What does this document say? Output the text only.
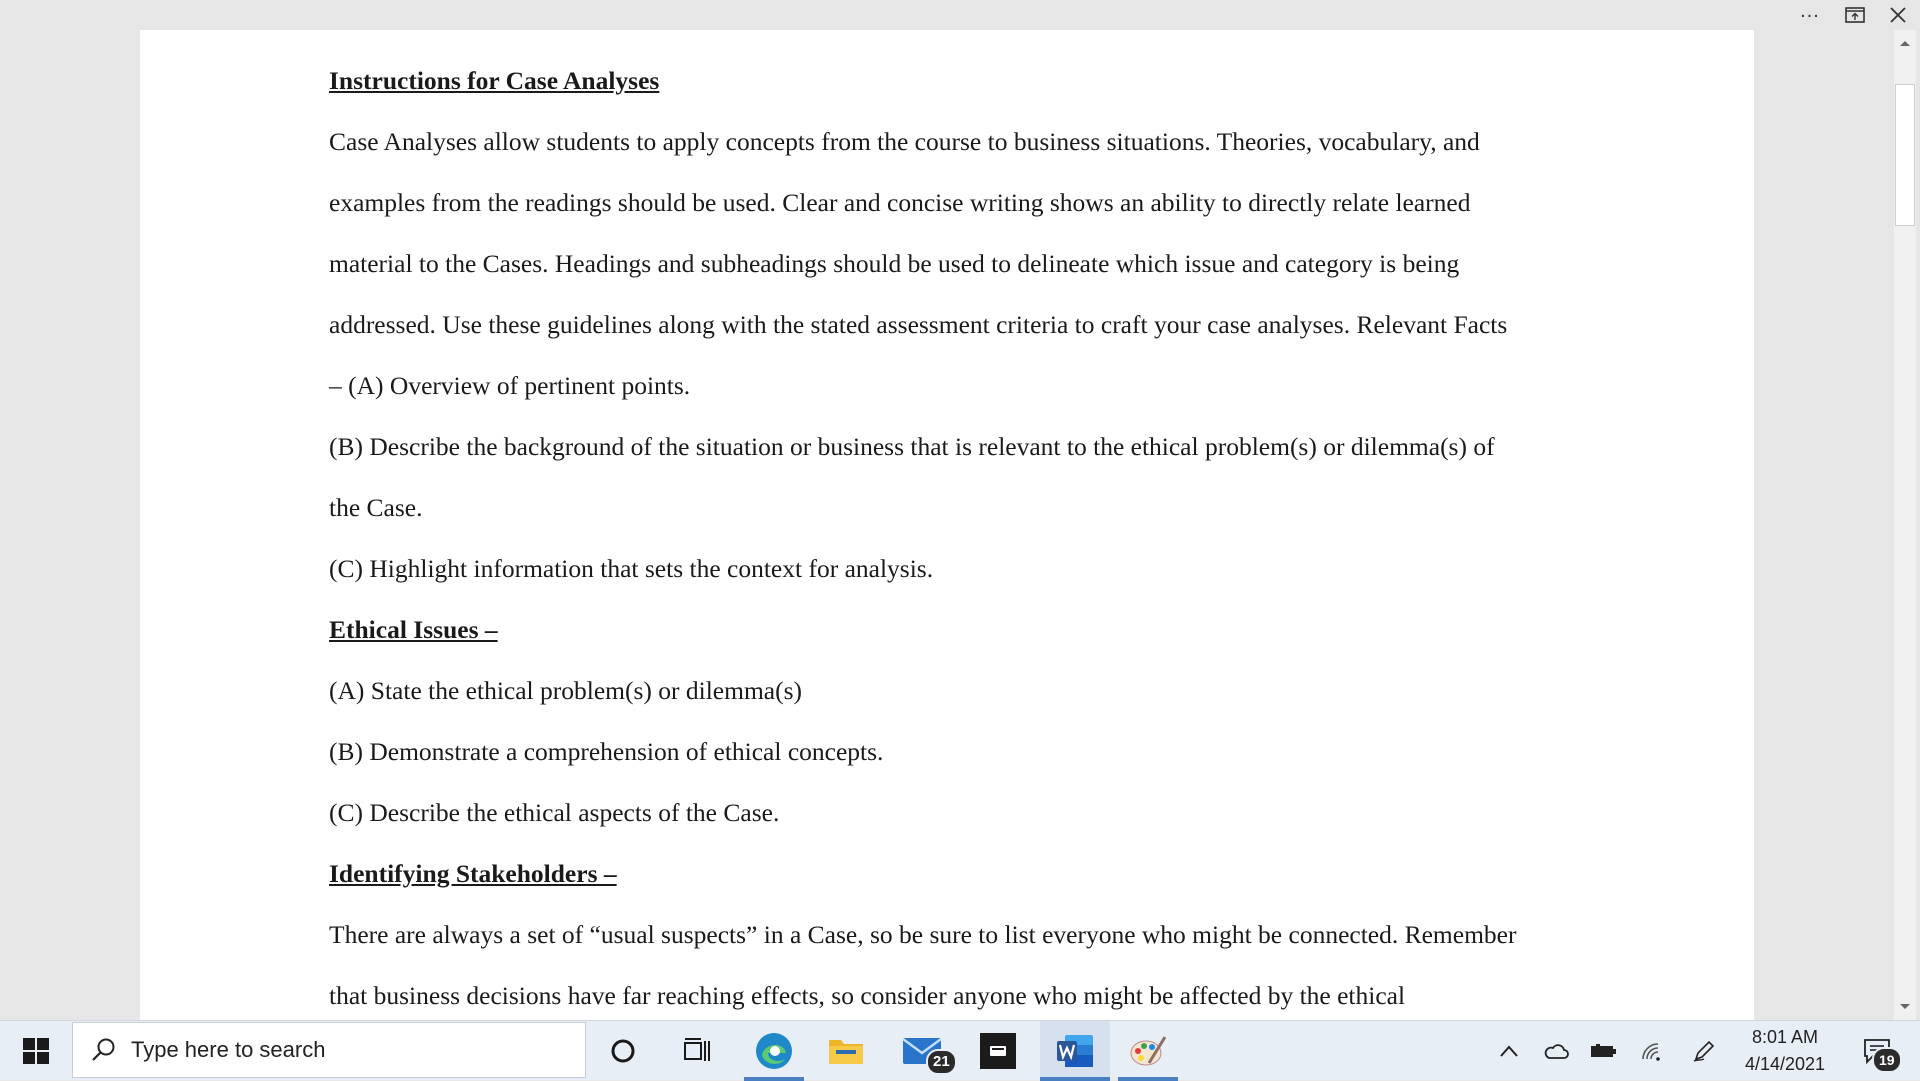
...

Instructions for Case Analyses

Case Analyses allow students to apply concepts from the course to business situations. Theories, vocabulary, and

examples from the readings should be used. Clear and concise writing shows an ability to directly relate learned

material to the Cases. Headings and subheadings should be used to delineate which issue and category is being

addressed. Use these guidelines along with the stated assessment criteria to craft your case analyses. Relevant Facts

– (A) Overview of pertinent points.

(B) Describe the background of the situation or business that is relevant to the ethical problem(s) or dilemma(s) of

the Case.

(C) Highlight information that sets the context for analysis.

Ethical Issues –

(A) State the ethical problem(s) or dilemma(s)

(B) Demonstrate a comprehension of ethical concepts.

(C) Describe the ethical aspects of the Case.

Identifying Stakeholders –

There are always a set of “usual suspects” in a Case, so be sure to list everyone who might be connected. Remember

that business decisions have far reaching effects, so consider anyone who might be affected by the ethical

Type here to search	21
8:01 AM
4/14/2021	19
